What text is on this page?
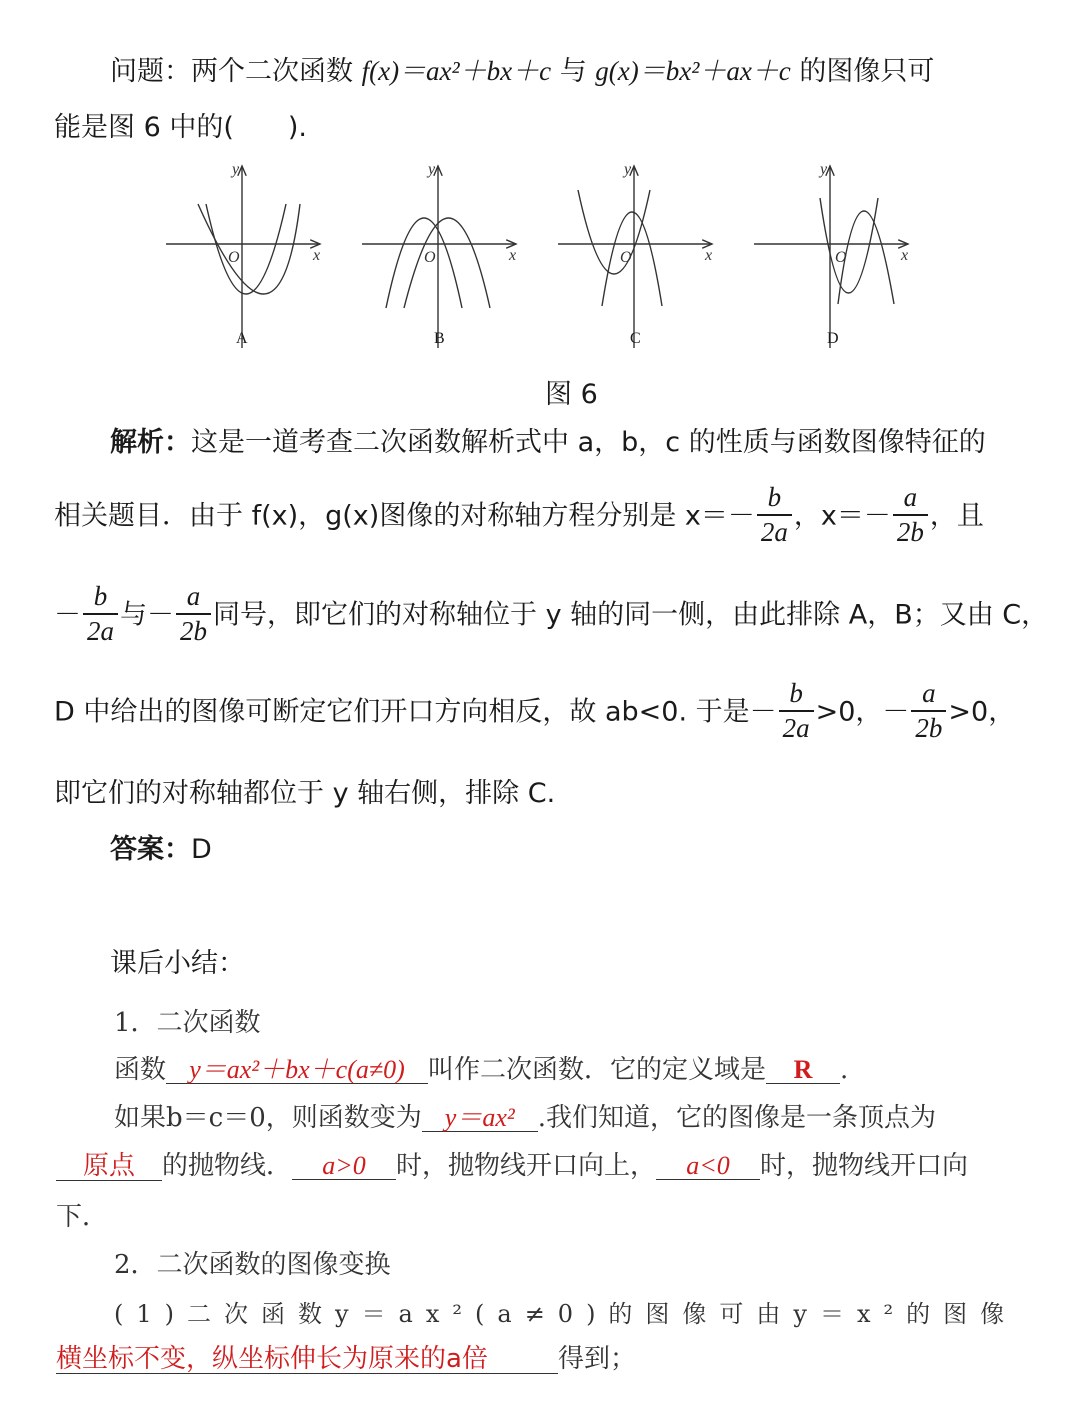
问题：两个二次函数 f(x)＝ax²＋bx＋c 与 g(x)＝bx²＋ax＋c 的图像只可
能是图 6 中的(　　).
y
x
O
y
x
O
y
x
O
y
x
O
A	B	C	D
图 6
解析：这是一道考查二次函数解析式中 a，b，c 的性质与函数图像特征的
相关题目．由于 f(x)，g(x)图像的对称轴方程分别是 $x=- \frac{b}{2a}$ ，$x=- \frac{a}{2b}$ ，且
－ $\frac{b}{2a}$ 与－ $\frac{a}{2b}$ 同号，即它们的对称轴位于 y 轴的同一侧，由此排除 A，B；又由 C，
D 中给出的图像可断定它们开口方向相反，故 ab<0. 于是－ $\frac{b}{2a} >0$，－ $\frac{a}{2b} >0$，
即它们的对称轴都位于 y 轴右侧，排除 C.
答案：D
课后小结：
1．二次函数
函数 y＝ax²＋bx＋c(a≠0) 叫作二次函数．它的定义域是 R .
如果b＝c＝0，则函数变为 y＝ax² .我们知道，它的图像是一条顶点为
原点 的抛物线． a>0 时，抛物线开口向上， a<0 时，抛物线开口向
下．
2．二次函数的图像变换
(1)二次函数y＝ax²(a≠0)的图像可由y＝x²的图像
横坐标不变，纵坐标伸长为原来的a倍	得到；
